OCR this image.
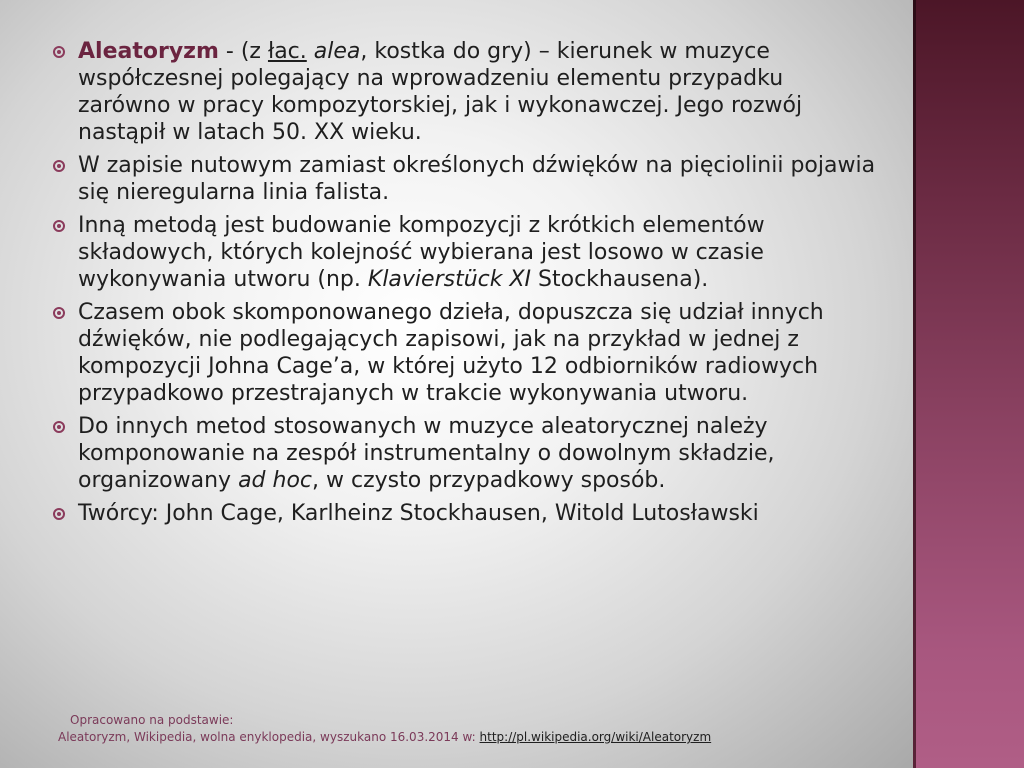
Aleatoryzm - (z łac. alea, kostka do gry) – kierunek w muzyce współczesnej polegający na wprowadzeniu elementu przypadku zarówno w pracy kompozytorskiej, jak i wykonawczej. Jego rozwój nastąpił w latach 50. XX wieku.
W zapisie nutowym zamiast określonych dźwięków na pięciolinii pojawia się nieregularna linia falista.
Inną metodą jest budowanie kompozycji z krótkich elementów składowych, których kolejność wybierana jest losowo w czasie wykonywania utworu (np. Klavierstück XI Stockhausena).
Czasem obok skomponowanego dzieła, dopuszcza się udział innych dźwięków, nie podlegających zapisowi, jak na przykład w jednej z kompozycji Johna Cage’a, w której użyto 12 odbiorników radiowych przypadkowo przestrajanych w trakcie wykonywania utworu.
Do innych metod stosowanych w muzyce aleatorycznej należy komponowanie na zespół instrumentalny o dowolnym składzie, organizowany ad hoc, w czysto przypadkowy sposób.
Twórcy: John Cage, Karlheinz Stockhausen, Witold Lutosławski
Opracowano na podstawie:
Aleatoryzm, Wikipedia, wolna enyklopedia, wyszukano 16.03.2014 w: http://pl.wikipedia.org/wiki/Aleatoryzm
